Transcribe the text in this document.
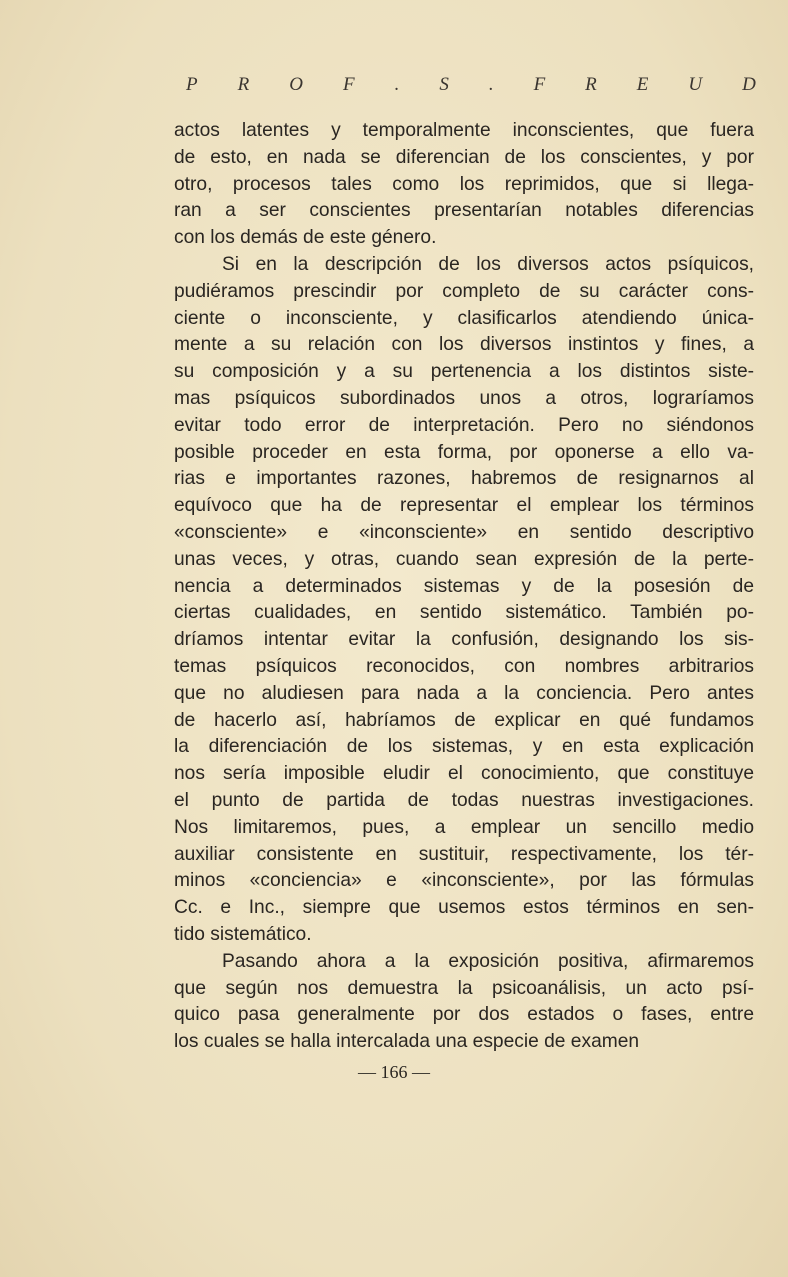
P R O F . S . F R E U D

actos latentes y temporalmente inconscientes, que fuera
de esto, en nada se diferencian de los conscientes, y por
otro, procesos tales como los reprimidos, que si llega-
ran a ser conscientes presentarían notables diferencias
con los demás de este género.

Si en la descripción de los diversos actos psíquicos,
pudiéramos prescindir por completo de su carácter cons-
ciente o inconsciente, y clasificarlos atendiendo única-
mente a su relación con los diversos instintos y fines, a
su composición y a su pertenencia a los distintos siste-
mas psíquicos subordinados unos a otros, lograríamos
evitar todo error de interpretación. Pero no siéndonos
posible proceder en esta forma, por oponerse a ello va-
rias e importantes razones, habremos de resignarnos al
equívoco que ha de representar el emplear los términos
«consciente» e «inconsciente» en sentido descriptivo
unas veces, y otras, cuando sean expresión de la perte-
nencia a determinados sistemas y de la posesión de
ciertas cualidades, en sentido sistemático. También po-
dríamos intentar evitar la confusión, designando los sis-
temas psíquicos reconocidos, con nombres arbitrarios
que no aludiesen para nada a la conciencia. Pero antes
de hacerlo así, habríamos de explicar en qué fundamos
la diferenciación de los sistemas, y en esta explicación
nos sería imposible eludir el conocimiento, que constituye
el punto de partida de todas nuestras investigaciones.
Nos limitaremos, pues, a emplear un sencillo medio
auxiliar consistente en sustituir, respectivamente, los tér-
minos «conciencia» e «inconsciente», por las fórmulas
Cc. e Inc., siempre que usemos estos términos en sen-
tido sistemático.

Pasando ahora a la exposición positiva, afirmaremos
que según nos demuestra la psicoanálisis, un acto psí-
quico pasa generalmente por dos estados o fases, entre
los cuales se halla intercalada una especie de examen

— 166 —
